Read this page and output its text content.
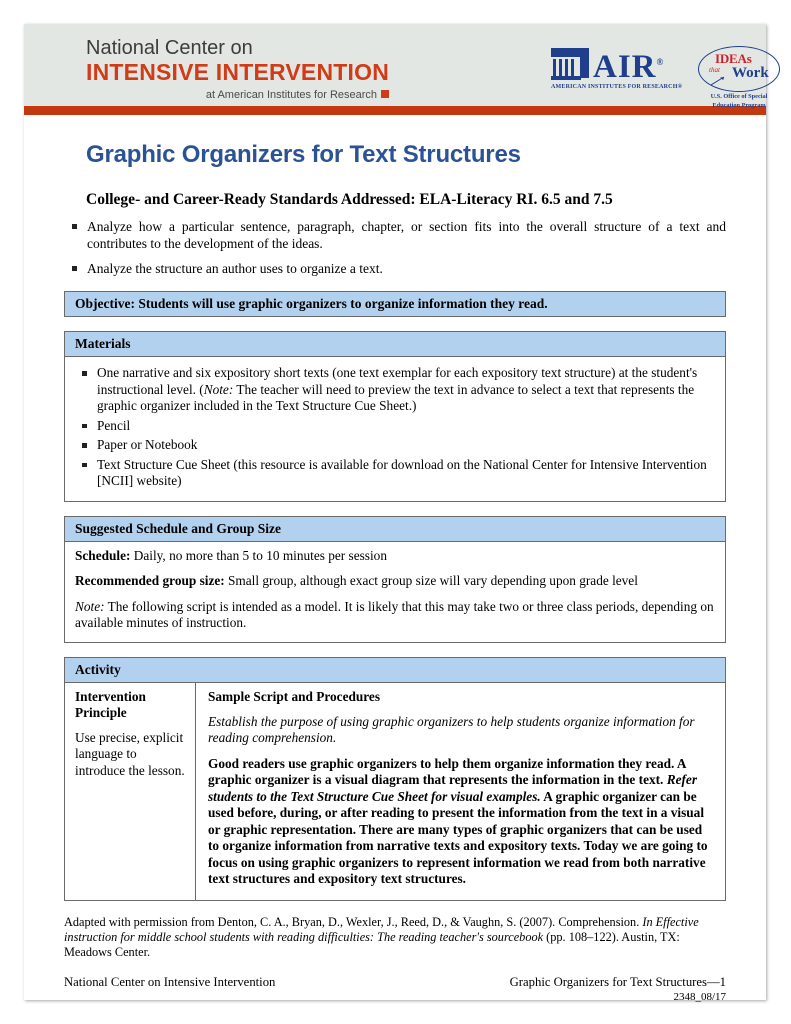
National Center on
INTENSIVE INTERVENTION
at American Institutes for Research
AIR®
AMERICAN INSTITUTES FOR RESEARCH®
IDEAs
that Work
U.S. Office of Special
Education Program
Graphic Organizers for Text Structures
College- and Career-Ready Standards Addressed: ELA-Literacy RI. 6.5 and 7.5
Analyze how a particular sentence, paragraph, chapter, or section fits into the overall structure of a text and contributes to the development of the ideas.
Analyze the structure an author uses to organize a text.
Objective: Students will use graphic organizers to organize information they read.
Materials
One narrative and six expository short texts (one text exemplar for each expository text structure) at the student's instructional level. (Note: The teacher will need to preview the text in advance to select a text that represents the graphic organizer included in the Text Structure Cue Sheet.)
Pencil
Paper or Notebook
Text Structure Cue Sheet (this resource is available for download on the National Center for Intensive Intervention [NCII] website)
Suggested Schedule and Group Size

Schedule: Daily, no more than 5 to 10 minutes per session

Recommended group size: Small group, although exact group size will vary depending upon grade level

Note: The following script is intended as a model. It is likely that this may take two or three class periods, depending on available minutes of instruction.

Activity
Intervention
Principle
Use precise, explicit language to introduce the lesson.
Sample Script and Procedures
Establish the purpose of using graphic organizers to help students organize information for reading comprehension.
Good readers use graphic organizers to help them organize information they read. A graphic organizer is a visual diagram that represents the information in the text. Refer students to the Text Structure Cue Sheet for visual examples. A graphic organizer can be used before, during, or after reading to present the information from the text in a visual or graphic representation. There are many types of graphic organizers that can be used to organize information from narrative texts and expository texts. Today we are going to focus on using graphic organizers to represent information we read from both narrative text structures and expository text structures.
Adapted with permission from Denton, C. A., Bryan, D., Wexler, J., Reed, D., & Vaughn, S. (2007). Comprehension. In Effective instruction for middle school students with reading difficulties: The reading teacher's sourcebook (pp. 108–122). Austin, TX: Meadows Center.
National Center on Intensive Intervention	Graphic Organizers for Text Structures—1
2348_08/17
